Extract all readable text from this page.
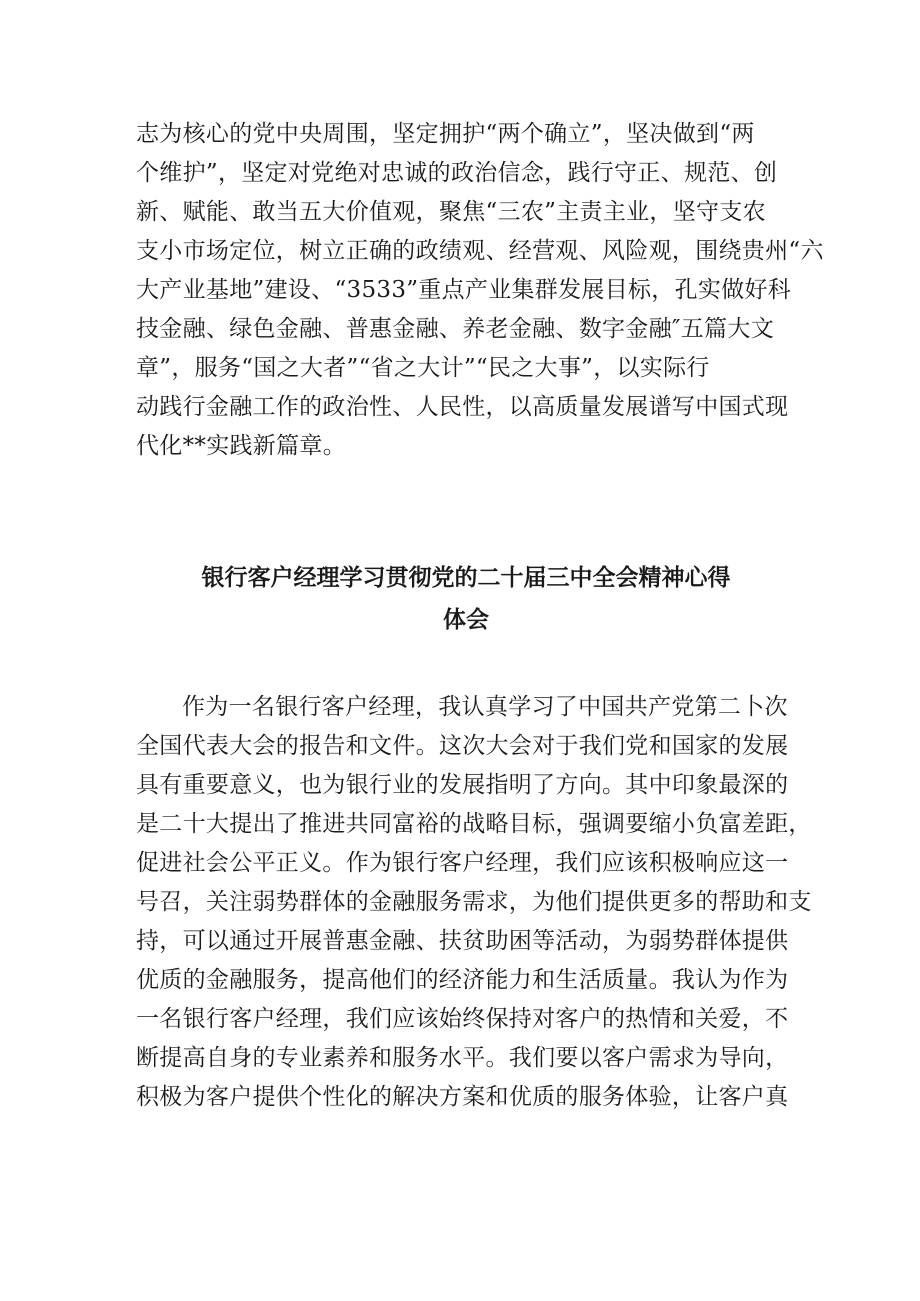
志为核心的党中央周围，坚定拥护“两个确立”，坚决做到“两
个维护”，坚定对党绝对忠诚的政治信念，践行守正、规范、创
新、赋能、敢当五大价值观，聚焦“三农”主责主业，坚守支农
支小市场定位，树立正确的政绩观、经营观、风险观，围绕贵州“六
大产业基地”建设、“3533”重点产业集群发展目标，孔实做好科
技金融、绿色金融、普惠金融、养老金融、数字金融″五篇大文
章”，服务“国之大者”“省之大计”“民之大事”，以实际行
动践行金融工作的政治性、人民性，以高质量发展谱写中国式现
代化**实践新篇章。
银行客户经理学习贯彻党的二十届三中全会精神心得
体会
作为一名银行客户经理，我认真学习了中国共产党第二卜次
全国代表大会的报告和文件。这次大会对于我们党和国家的发展
具有重要意义，也为银行业的发展指明了方向。其中印象最深的
是二十大提出了推进共同富裕的战略目标，强调要缩小负富差距，
促进社会公平正义。作为银行客户经理，我们应该积极响应这一
号召，关注弱势群体的金融服务需求，为他们提供更多的帮助和支
持，可以通过开展普惠金融、扶贫助困等活动，为弱势群体提供
优质的金融服务，提高他们的经济能力和生活质量。我认为作为
一名银行客户经理，我们应该始终保持对客户的热情和关爱，不
断提高自身的专业素养和服务水平。我们要以客户需求为导向，
积极为客户提供个性化的解决方案和优质的服务体验，让客户真
